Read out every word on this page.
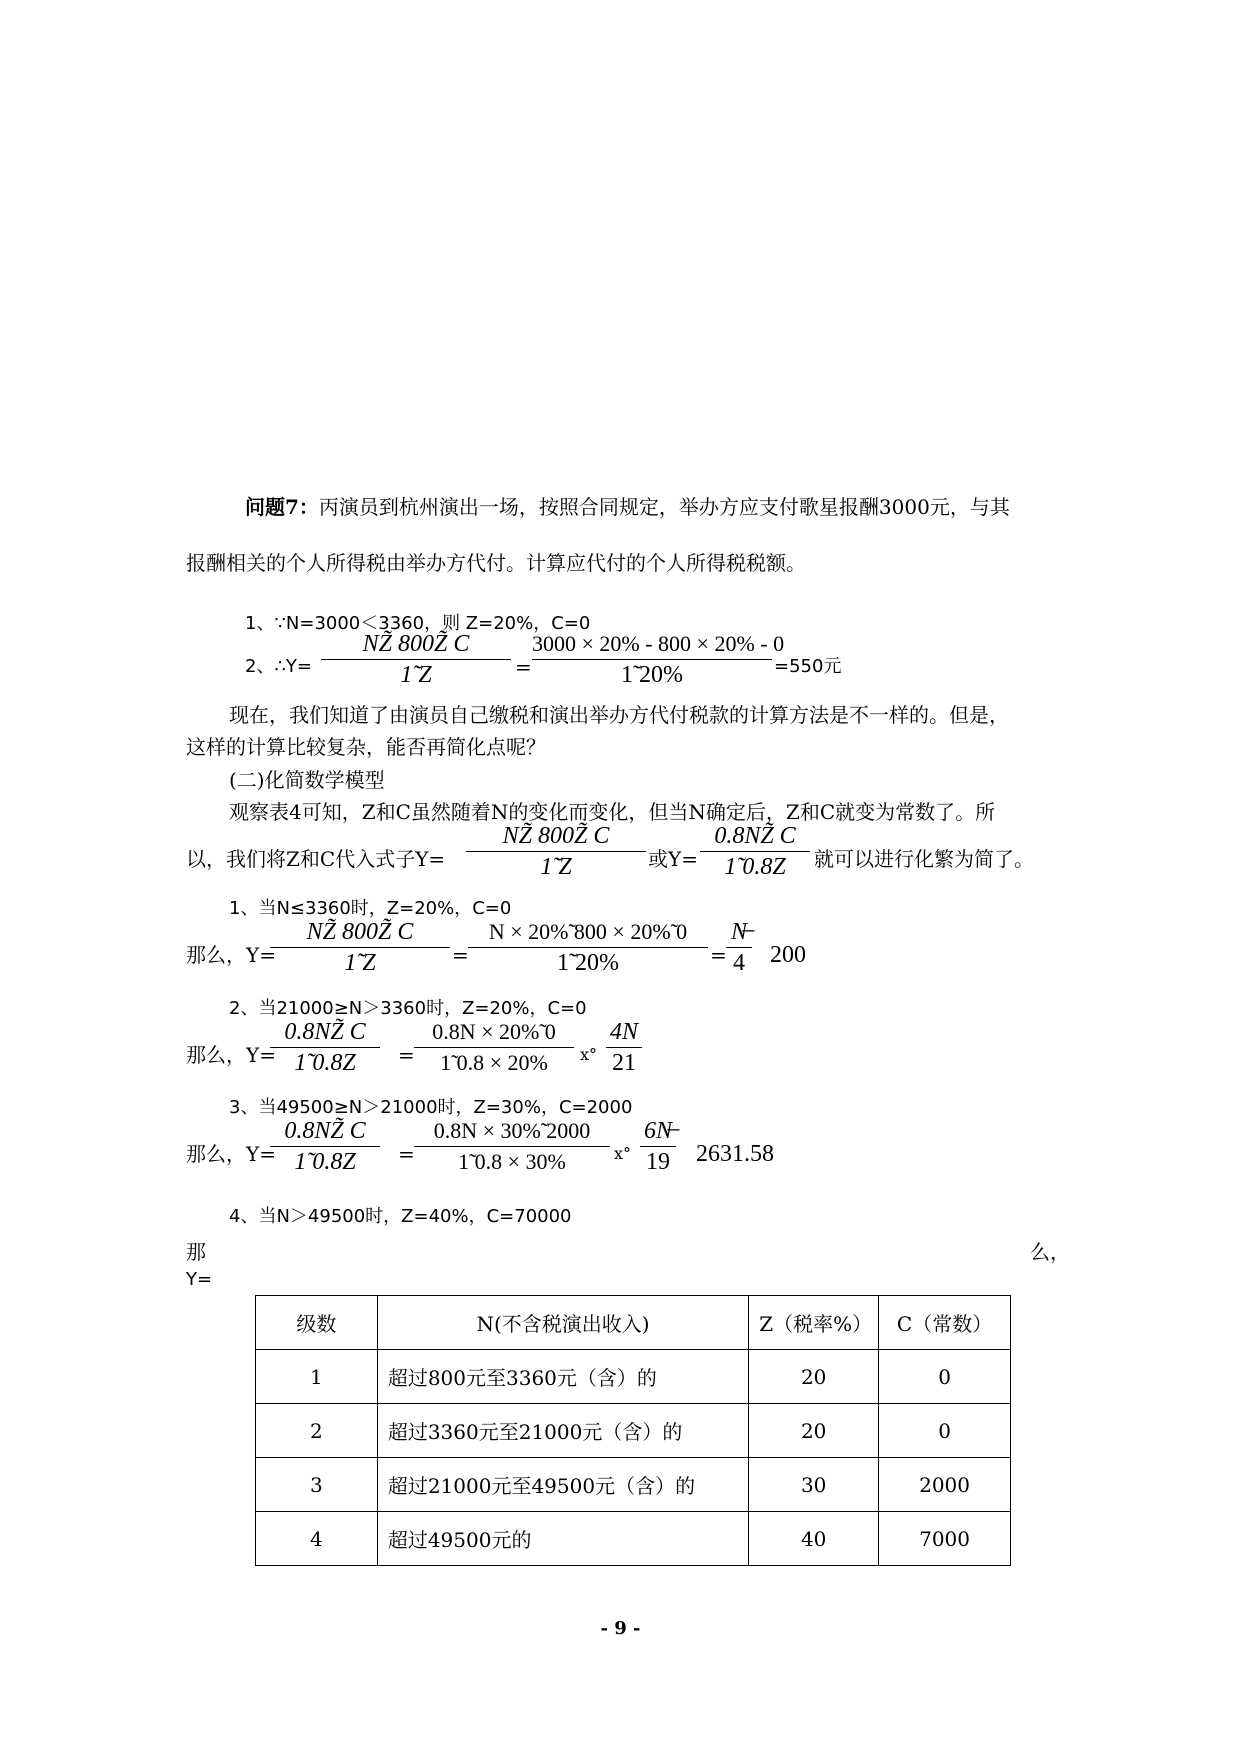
问题7：丙演员到杭州演出一场，按照合同规定，举办方应支付歌星报酬3000元，与其
报酬相关的个人所得税由举办方代付。计算应代付的个人所得税税额。
1、∵N=3000＜3360，则 Z=20%，C=0
2、∴Y=
NZ̃ 800Z̃ C
1̃ Z	=
3000 × 20% - 800 × 20% - 0
1̃ 20%	=550元
现在，我们知道了由演员自己缴税和演出举办方代付税款的计算方法是不一样的。但是，
这样的计算比较复杂，能否再简化点呢？
(二)化简数学模型
观察表4可知，Z和C虽然随着N的变化而变化，但当N确定后，Z和C就变为常数了。所
以，我们将Z和C代入式子Y=
NZ̃ 800Z̃ C
1̃ Z	或Y=
0.8NZ̃ C
1̃ 0.8Z	就可以进行化繁为简了。
1、当N≤3360时，Z=20%，C=0
那么，Y=
NZ̃ 800Z̃ C
1̃ Z	=
N × 20%̃ 800 × 20%̃ 0
1̃ 20%	=
N̶
4 200
2、当21000≥N＞3360时，Z=20%，C=0
那么，Y=
0.8NZ̃ C
1̃ 0.8Z	=
0.8N × 20%̃ 0
1̃ 0.8 × 20%	ⅹ°
4N
21
3、当49500≥N＞21000时，Z=30%，C=2000
那么，Y=
0.8NZ̃ C
1̃ 0.8Z	=
0.8N × 30%̃ 2000
1̃ 0.8 × 30%	ⅹ°
6N̶
19 2631.58
4、当N＞49500时，Z=40%，C=70000
那	么，
Y=
级数	N(不含税演出收入)	Z（税率%）	C（常数）
1	超过800元至3360元（含）的	20	0
2	超过3360元至21000元（含）的	20	0
3	超过21000元至49500元（含）的	30	2000
4	超过49500元的	40	7000
- 9 -
